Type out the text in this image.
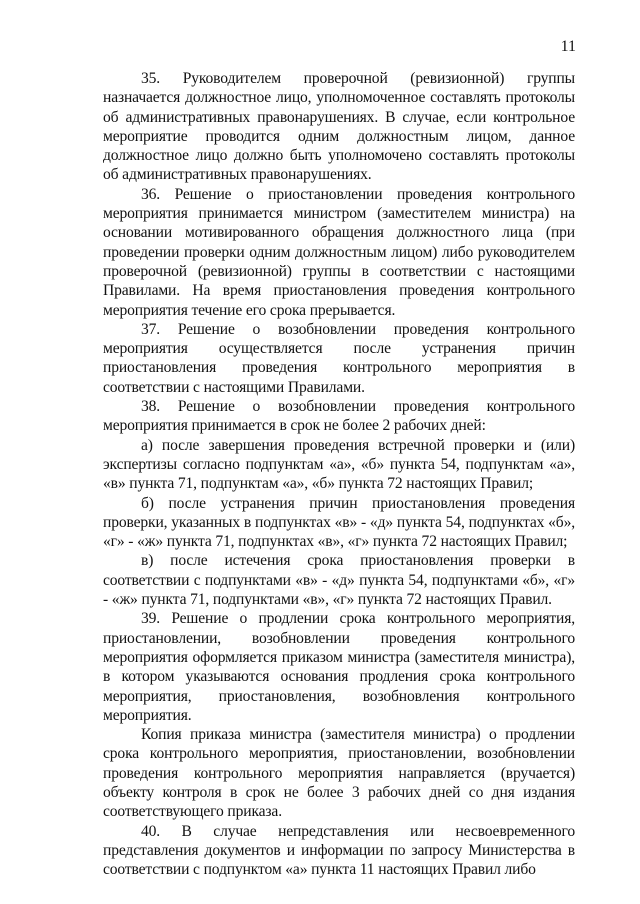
11

35. Руководителем проверочной (ревизионной) группы назначается должностное лицо, уполномоченное составлять протоколы об административных правонарушениях. В случае, если контрольное мероприятие проводится одним должностным лицом, данное должностное лицо должно быть уполномочено составлять протоколы об административных правонарушениях.

36. Решение о приостановлении проведения контрольного мероприятия принимается министром (заместителем министра) на основании мотивированного обращения должностного лица (при проведении проверки одним должностным лицом) либо руководителем проверочной (ревизионной) группы в соответствии с настоящими Правилами. На время приостановления проведения контрольного мероприятия течение его срока прерывается.

37. Решение о возобновлении проведения контрольного мероприятия осуществляется после устранения причин приостановления проведения контрольного мероприятия в соответствии с настоящими Правилами.

38. Решение о возобновлении проведения контрольного мероприятия принимается в срок не более 2 рабочих дней:

а) после завершения проведения встречной проверки и (или) экспертизы согласно подпунктам «а», «б» пункта 54, подпунктам «а», «в» пункта 71, подпунктам «а», «б» пункта 72 настоящих Правил;

б) после устранения причин приостановления проведения проверки, указанных в подпунктах «в» - «д» пункта 54, подпунктах «б», «г» - «ж» пункта 71, подпунктах «в», «г» пункта 72 настоящих Правил;

в) после истечения срока приостановления проверки в соответствии с подпунктами «в» - «д» пункта 54, подпунктами «б», «г» - «ж» пункта 71, подпунктами «в», «г» пункта 72 настоящих Правил.

39. Решение о продлении срока контрольного мероприятия, приостановлении, возобновлении проведения контрольного мероприятия оформляется приказом министра (заместителя министра), в котором указываются основания продления срока контрольного мероприятия, приостановления, возобновления контрольного мероприятия.

Копия приказа министра (заместителя министра) о продлении срока контрольного мероприятия, приостановлении, возобновлении проведения контрольного мероприятия направляется (вручается) объекту контроля в срок не более 3 рабочих дней со дня издания соответствующего приказа.

40. В случае непредставления или несвоевременного представления документов и информации по запросу Министерства в соответствии с подпунктом «а» пункта 11 настоящих Правил либо
